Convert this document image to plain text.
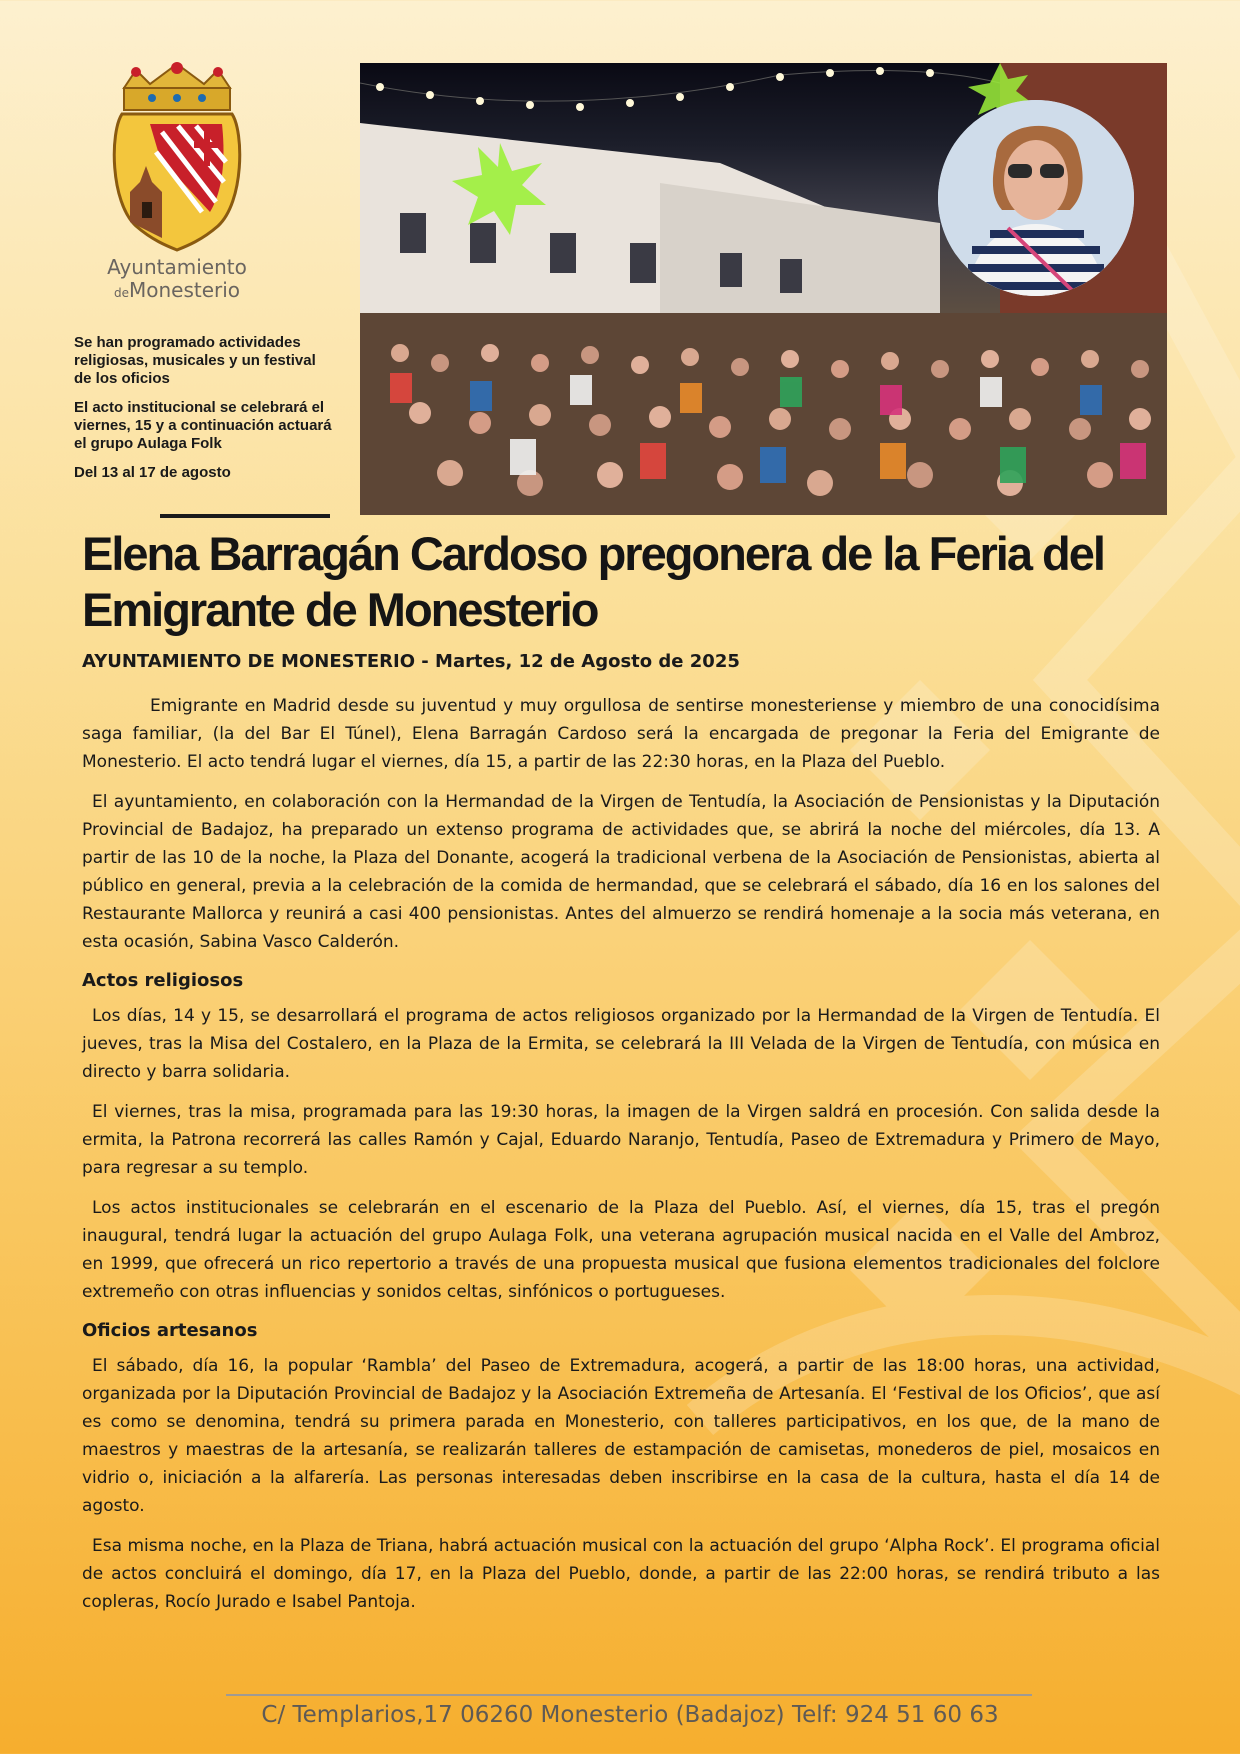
Ayuntamiento
deMonesterio

Se han programado actividades religiosas, musicales y un festival de los oficios

El acto institucional se celebrará el viernes, 15 y a continuación actuará el grupo Aulaga Folk

Del 13 al 17 de agosto

Elena Barragán Cardoso pregonera de la Feria del Emigrante de Monesterio

AYUNTAMIENTO DE MONESTERIO - Martes, 12 de Agosto de 2025

Emigrante en Madrid desde su juventud y muy orgullosa de sentirse monesteriense y miembro de una conocidísima saga familiar, (la del Bar El Túnel), Elena Barragán Cardoso será la encargada de pregonar la Feria del Emigrante de Monesterio. El acto tendrá lugar el viernes, día 15, a partir de las 22:30 horas, en la Plaza del Pueblo.

El ayuntamiento, en colaboración con la Hermandad de la Virgen de Tentudía, la Asociación de Pensionistas y la Diputación Provincial de Badajoz, ha preparado un extenso programa de actividades que, se abrirá la noche del miércoles, día 13. A partir de las 10 de la noche, la Plaza del Donante, acogerá la tradicional verbena de la Asociación de Pensionistas, abierta al público en general, previa a la celebración de la comida de hermandad, que se celebrará el sábado, día 16 en los salones del Restaurante Mallorca y reunirá a casi 400 pensionistas. Antes del almuerzo se rendirá homenaje a la socia más veterana, en esta ocasión, Sabina Vasco Calderón.

Actos religiosos

Los días, 14 y 15, se desarrollará el programa de actos religiosos organizado por la Hermandad de la Virgen de Tentudía. El jueves, tras la Misa del Costalero, en la Plaza de la Ermita, se celebrará la III Velada de la Virgen de Tentudía, con música en directo y barra solidaria.

El viernes, tras la misa, programada para las 19:30 horas, la imagen de la Virgen saldrá en procesión. Con salida desde la ermita, la Patrona recorrerá las calles Ramón y Cajal, Eduardo Naranjo, Tentudía, Paseo de Extremadura y Primero de Mayo, para regresar a su templo.

Los actos institucionales se celebrarán en el escenario de la Plaza del Pueblo. Así, el viernes, día 15, tras el pregón inaugural, tendrá lugar la actuación del grupo Aulaga Folk, una veterana agrupación musical nacida en el Valle del Ambroz, en 1999, que ofrecerá un rico repertorio a través de una propuesta musical que fusiona elementos tradicionales del folclore extremeño con otras influencias y sonidos celtas, sinfónicos o portugueses.

Oficios artesanos

El sábado, día 16, la popular ‘Rambla’ del Paseo de Extremadura, acogerá, a partir de las 18:00 horas, una actividad, organizada por la Diputación Provincial de Badajoz y la Asociación Extremeña de Artesanía. El ‘Festival de los Oficios’, que así es como se denomina, tendrá su primera parada en Monesterio, con talleres participativos, en los que, de la mano de maestros y maestras de la artesanía, se realizarán talleres de estampación de camisetas, monederos de piel, mosaicos en vidrio o, iniciación a la alfarería. Las personas interesadas deben inscribirse en la casa de la cultura, hasta el día 14 de agosto.

Esa misma noche, en la Plaza de Triana, habrá actuación musical con la actuación del grupo ‘Alpha Rock’. El programa oficial de actos concluirá el domingo, día 17, en la Plaza del Pueblo, donde, a partir de las 22:00 horas, se rendirá tributo a las copleras, Rocío Jurado e Isabel Pantoja.

C/ Templarios,17 06260 Monesterio (Badajoz) Telf: 924 51 60 63
